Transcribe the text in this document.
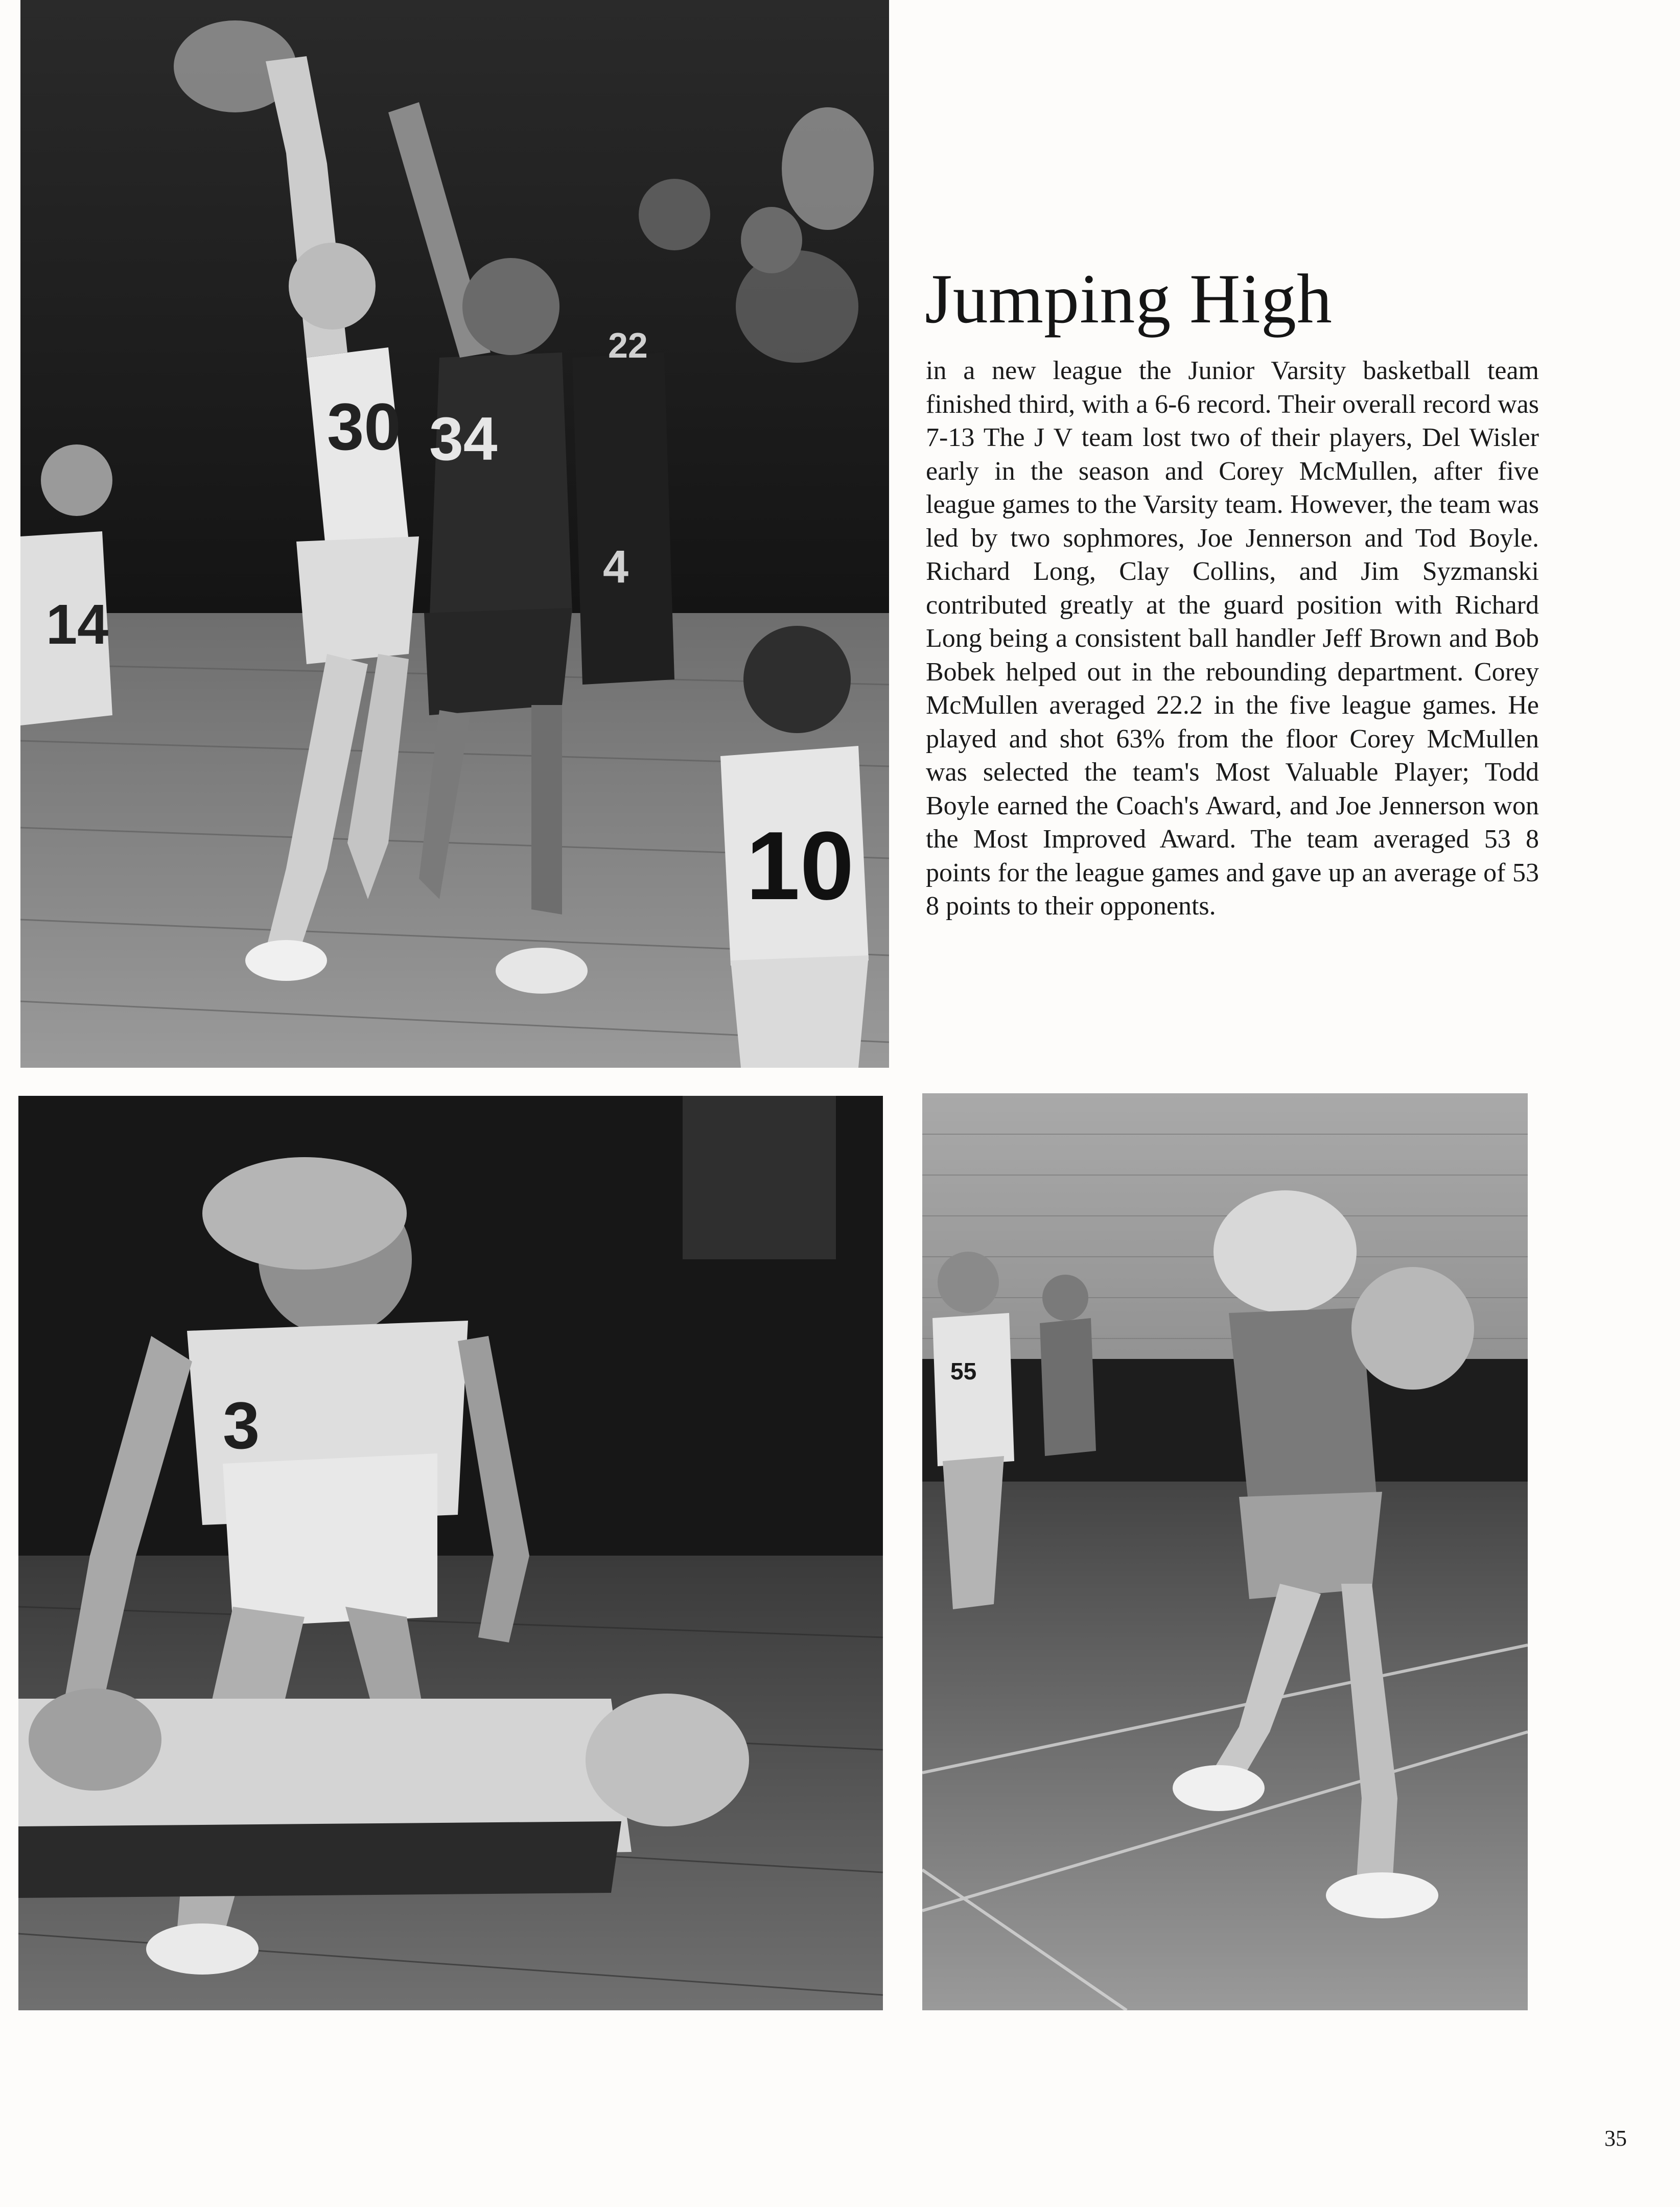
30 34
22
4
14
10
Jumping High

in a new league the Junior Varsity basketball team finished third, with a 6-6 record. Their overall record was 7-13 The J V team lost two of their players, Del Wisler early in the season and Corey McMullen, after five league games to the Varsity team. However, the team was led by two sophmores, Joe Jennerson and Tod Boyle. Richard Long, Clay Collins, and Jim Syzmanski contributed greatly at the guard position with Richard Long being a consistent ball handler Jeff Brown and Bob Bobek helped out in the rebounding department. Corey McMullen averaged 22.2 in the five league games. He played and shot 63% from the floor Corey McMullen was selected the team's Most Valuable Player; Todd Boyle earned the Coach's Award, and Joe Jennerson won the Most Improved Award. The team averaged 53 8 points for the league games and gave up an average of 53 8 points to their opponents.

3
55
35
